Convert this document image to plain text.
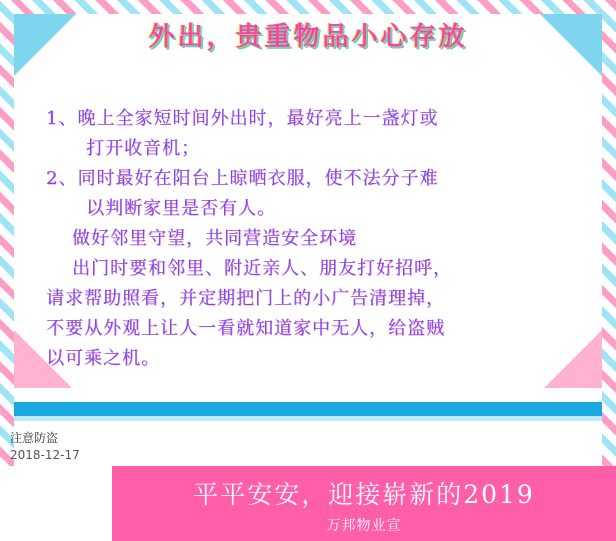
外出，贵重物品小心存放
1、晚上全家短时间外出时，最好亮上一盏灯或
打开收音机；
2、同时最好在阳台上晾晒衣服，使不法分子难
以判断家里是否有人。
做好邻里守望，共同营造安全环境
出门时要和邻里、附近亲人、朋友打好招呼，
请求帮助照看，并定期把门上的小广告清理掉，
不要从外观上让人一看就知道家中无人，给盗贼
以可乘之机。
注意防盗
2018-12-17
平平安安，迎接崭新的2019
万邦物业宣
